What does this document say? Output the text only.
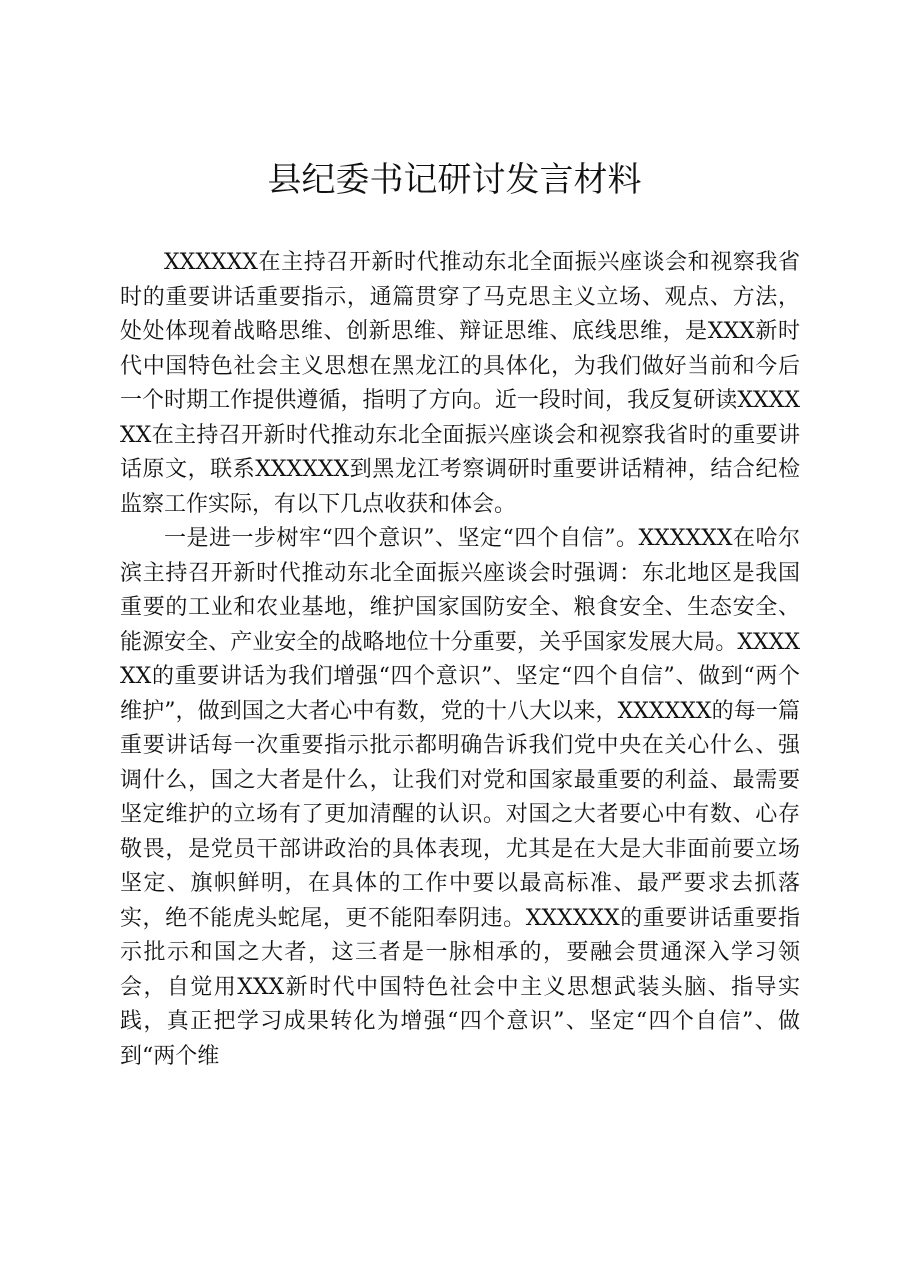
县纪委书记研讨发言材料

XXXXXX在主持召开新时代推动东北全面振兴座谈会和视察我省时的重要讲话重要指示，通篇贯穿了马克思主义立场、观点、方法，处处体现着战略思维、创新思维、辩证思维、底线思维，是XXX新时代中国特色社会主义思想在黑龙江的具体化，为我们做好当前和今后一个时期工作提供遵循，指明了方向。近一段时间，我反复研读XXXXXX在主持召开新时代推动东北全面振兴座谈会和视察我省时的重要讲话原文，联系XXXXXX到黑龙江考察调研时重要讲话精神，结合纪检监察工作实际，有以下几点收获和体会。

一是进一步树牢“四个意识”、坚定“四个自信”。XXXXXX在哈尔滨主持召开新时代推动东北全面振兴座谈会时强调：东北地区是我国重要的工业和农业基地，维护国家国防安全、粮食安全、生态安全、能源安全、产业安全的战略地位十分重要，关乎国家发展大局。XXXXXX的重要讲话为我们增强“四个意识”、坚定“四个自信”、做到“两个维护”，做到国之大者心中有数，党的十八大以来，XXXXXX的每一篇重要讲话每一次重要指示批示都明确告诉我们党中央在关心什么、强调什么，国之大者是什么，让我们对党和国家最重要的利益、最需要坚定维护的立场有了更加清醒的认识。对国之大者要心中有数、心存敬畏，是党员干部讲政治的具体表现，尤其是在大是大非面前要立场坚定、旗帜鲜明，在具体的工作中要以最高标准、最严要求去抓落实，绝不能虎头蛇尾，更不能阳奉阴违。XXXXXX的重要讲话重要指示批示和国之大者，这三者是一脉相承的，要融会贯通深入学习领会，自觉用XXX新时代中国特色社会中主义思想武装头脑、指导实践，真正把学习成果转化为增强“四个意识”、坚定“四个自信”、做到“两个维
